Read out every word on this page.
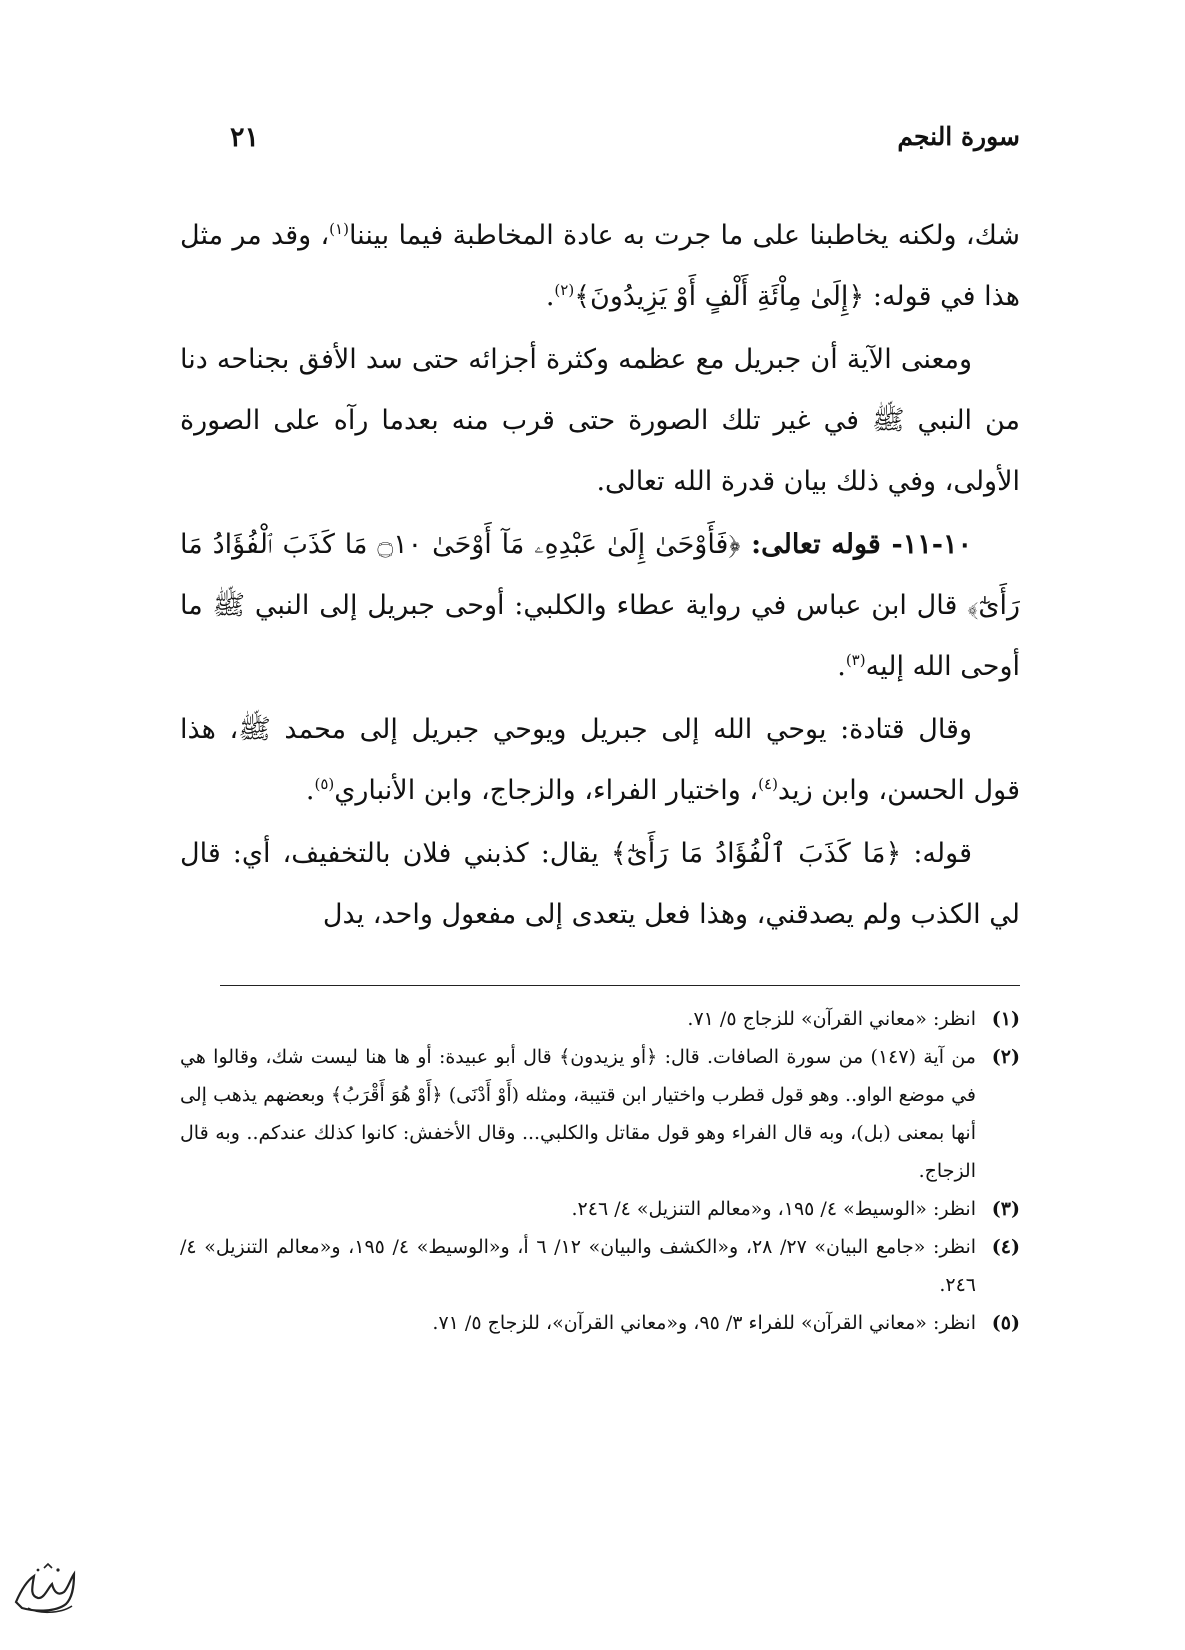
سورة النجم
٢١

شك، ولكنه يخاطبنا على ما جرت به عادة المخاطبة فيما بيننا$^{(١)}$، وقد مر مثل هذا في قوله: ﴿إِلَىٰ مِاْئَةِ أَلْفٍ أَوْ يَزِيدُونَ﴾$^{(٢)}$.

ومعنى الآية أن جبريل مع عظمه وكثرة أجزائه حتى سد الأفق بجناحه دنا من النبي ﷺ في غير تلك الصورة حتى قرب منه بعدما رآه على الصورة الأولى، وفي ذلك بيان قدرة الله تعالى.

١٠-١١- قوله تعالى: ﴿فَأَوْحَىٰ إِلَىٰ عَبْدِهِۦ مَآ أَوْحَىٰ ۝١٠ مَا كَذَبَ ٱلْفُؤَادُ مَا رَأَىٰٓ﴾ قال ابن عباس في رواية عطاء والكلبي: أوحى جبريل إلى النبي ﷺ ما أوحى الله إليه$^{(٣)}$.

وقال قتادة: يوحي الله إلى جبريل ويوحي جبريل إلى محمد ﷺ، هذا قول الحسن، وابن زيد$^{(٤)}$، واختيار الفراء، والزجاج، وابن الأنباري$^{(٥)}$.

قوله: ﴿مَا كَذَبَ ٱلْفُؤَادُ مَا رَأَىٰٓ﴾ يقال: كذبني فلان بالتخفيف، أي: قال لي الكذب ولم يصدقني، وهذا فعل يتعدى إلى مفعول واحد، يدل

(١)
انظر: «معاني القرآن» للزجاج ٥/ ٧١.
(٢)
من آية (١٤٧) من سورة الصافات. قال: ﴿أو يزيدون﴾ قال أبو عبيدة: أو ها هنا ليست شك، وقالوا هي في موضع الواو.. وهو قول قطرب واختيار ابن قتيبة، ومثله (أَوْ أَدْنَى) ﴿أَوْ هُوَ أَقْرَبُ﴾ وبعضهم يذهب إلى أنها بمعنى (بل)، وبه قال الفراء وهو قول مقاتل والكلبي... وقال الأخفش: كانوا كذلك عندكم.. وبه قال الزجاج.
(٣)
انظر: «الوسيط» ٤/ ١٩٥، و«معالم التنزيل» ٤/ ٢٤٦.
(٤)
انظر: «جامع البيان» ٢٧/ ٢٨، و«الكشف والبيان» ١٢/ ٦ أ، و«الوسيط» ٤/ ١٩٥، و«معالم التنزيل» ٤/ ٢٤٦.
(٥)
انظر: «معاني القرآن» للفراء ٣/ ٩٥، و«معاني القرآن»، للزجاج ٥/ ٧١.
